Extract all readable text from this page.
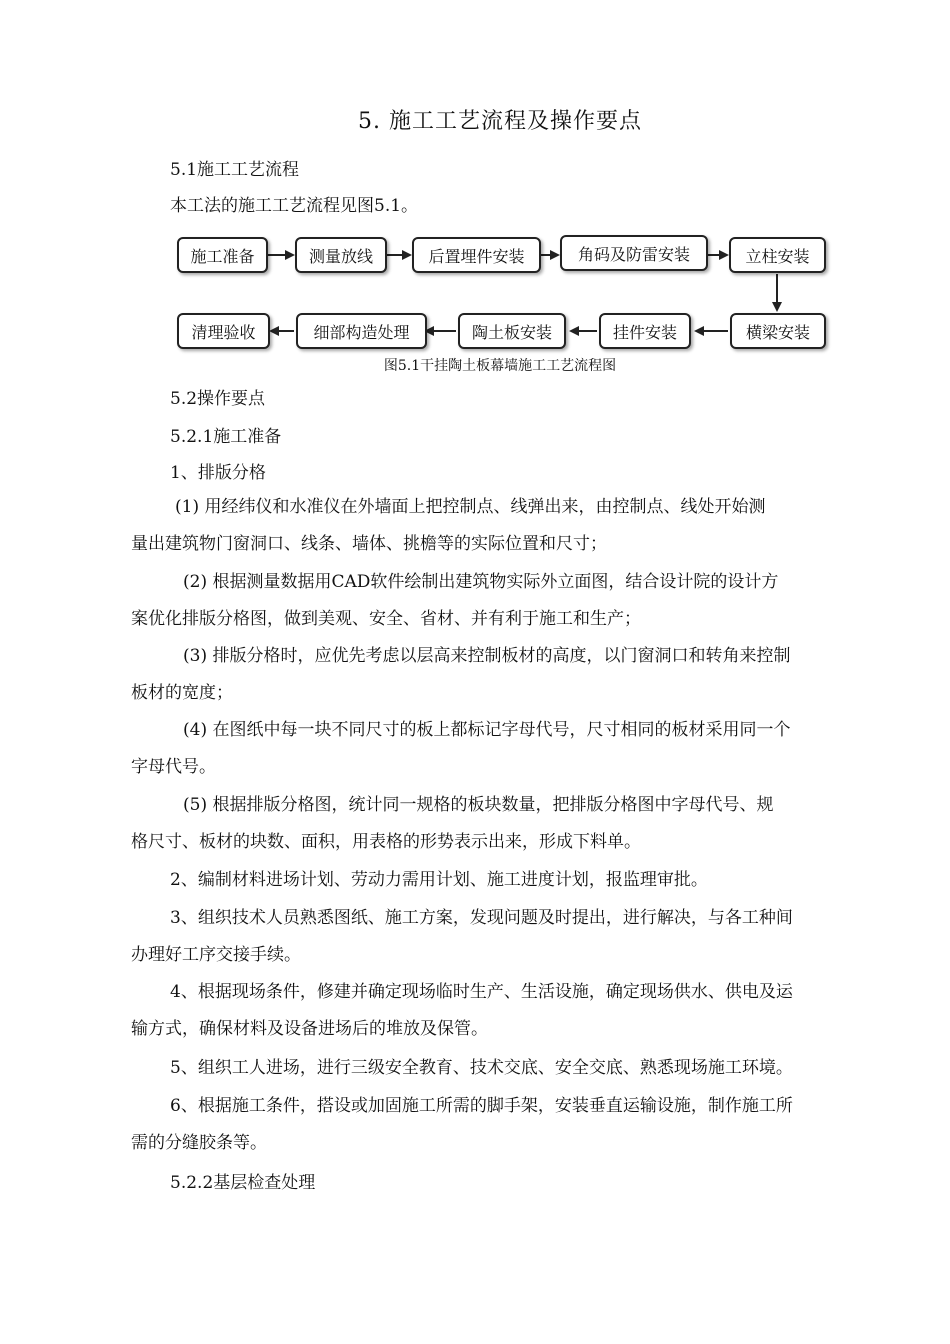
5. 施工工艺流程及操作要点
5.1施工工艺流程
本工法的施工工艺流程见图5.1。
施工准备	测量放线	后置埋件安装	角码及防雷安装	立柱安装
清理验收	细部构造处理	陶土板安装	挂件安装	横梁安装
图5.1干挂陶土板幕墙施工工艺流程图
5.2操作要点
5.2.1施工准备
1、排版分格
(1) 用经纬仪和水准仪在外墙面上把控制点、线弹出来，由控制点、线处开始测
量出建筑物门窗洞口、线条、墙体、挑檐等的实际位置和尺寸；
(2) 根据测量数据用CAD软件绘制出建筑物实际外立面图，结合设计院的设计方
案优化排版分格图，做到美观、安全、省材、并有利于施工和生产；
(3) 排版分格时，应优先考虑以层高来控制板材的高度，以门窗洞口和转角来控制
板材的宽度；
(4) 在图纸中每一块不同尺寸的板上都标记字母代号，尺寸相同的板材采用同一个
字母代号。
(5) 根据排版分格图，统计同一规格的板块数量，把排版分格图中字母代号、规
格尺寸、板材的块数、面积，用表格的形势表示出来，形成下料单。
2、编制材料进场计划、劳动力需用计划、施工进度计划，报监理审批。
3、组织技术人员熟悉图纸、施工方案，发现问题及时提出，进行解决，与各工种间
办理好工序交接手续。
4、根据现场条件，修建并确定现场临时生产、生活设施，确定现场供水、供电及运
输方式，确保材料及设备进场后的堆放及保管。
5、组织工人进场，进行三级安全教育、技术交底、安全交底、熟悉现场施工环境。
6、根据施工条件，搭设或加固施工所需的脚手架，安装垂直运输设施，制作施工所
需的分缝胶条等。
5.2.2基层检查处理
